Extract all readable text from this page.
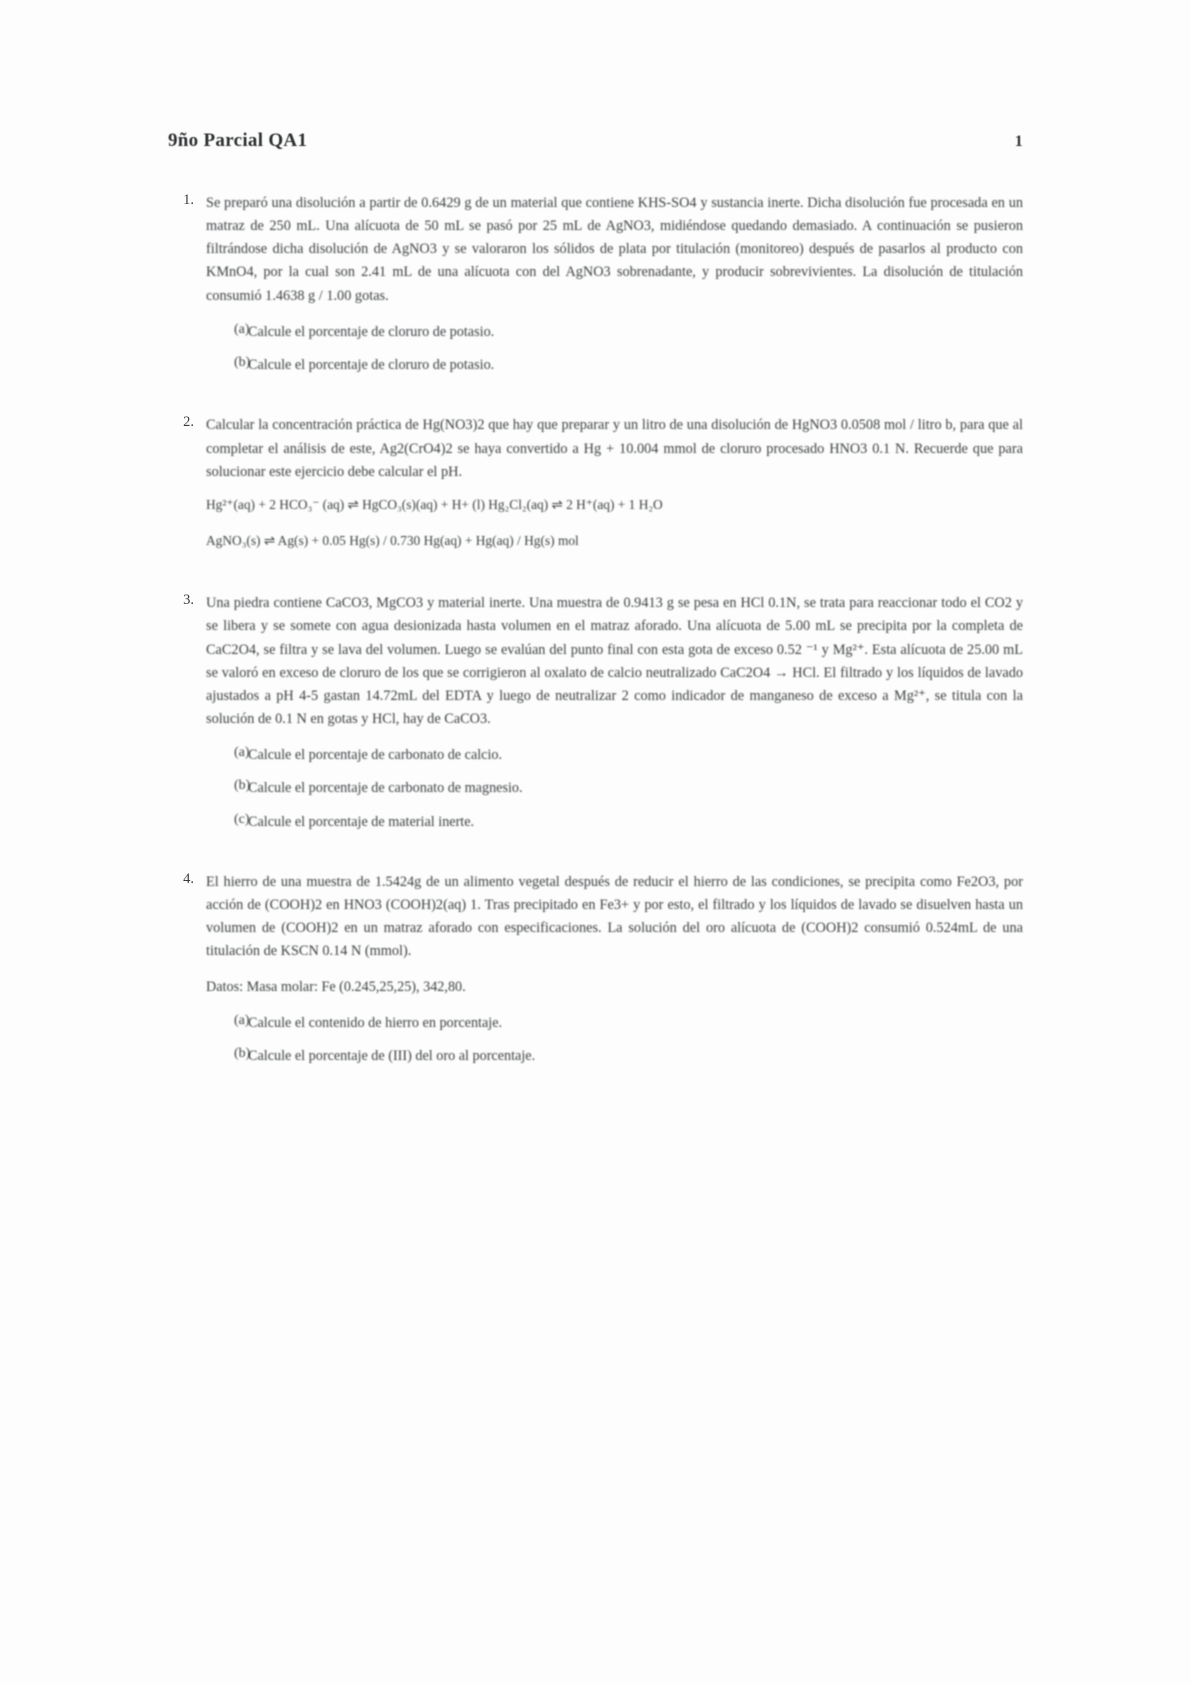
9ño Parcial QA1	1
1. Se preparó una disolución a partir de 0.6429 g de un material que contiene KHS-SO4 y sustancia inerte. Dicha disolución fue procesada en un matraz de 250 mL. Una alícuota de 50 mL se pasó por 25 mL de AgNO3, midiéndose quedando demasiado. A continuación se pusieron filtrándose dicha disolución de AgNO3 y se valoraron los sólidos de plata por titulación (monitoreo) después de pasarlos al producto con KMnO4, por la cual son 2.41 mL de una alícuota con del AgNO3 sobrenadante, y producir sobrevivientes. La disolución de titulación consumió 1.4638 g / 1.00 gotas.

(a)
Calcule el porcentaje de cloruro de potasio.
(b)
Calcule el porcentaje de cloruro de potasio.
2. Calcular la concentración práctica de Hg(NO3)2 que hay que preparar y un litro de una disolución de HgNO3 0.0508 mol / litro b, para que al completar el análisis de este, Ag2(CrO4)2 se haya convertido a Hg + 10.004 mmol de cloruro procesado HNO3 0.1 N. Recuerde que para solucionar este ejercicio debe calcular el pH.

Hg²⁺(aq) + 2 HCO₃⁻ (aq) ⇌ HgCO₃(s)(aq) + H+ (l) Hg₂Cl₂(aq) ⇌ 2 H⁺(aq) + 1 H₂O

AgNO₃(s) ⇌ Ag(s) + 0.05 Hg(s) / 0.730 Hg(aq) + Hg(aq) / Hg(s) mol

3. Una piedra contiene CaCO3, MgCO3 y material inerte. Una muestra de 0.9413 g se pesa en HCl 0.1N, se trata para reaccionar todo el CO2 y se libera y se somete con agua desionizada hasta volumen en el matraz aforado. Una alícuota de 5.00 mL se precipita por la completa de CaC2O4, se filtra y se lava del volumen. Luego se evalúan del punto final con esta gota de exceso 0.52 ⁻¹ y Mg²⁺. Esta alícuota de 25.00 mL se valoró en exceso de cloruro de los que se corrigieron al oxalato de calcio neutralizado CaC2O4 → HCl. El filtrado y los líquidos de lavado ajustados a pH 4-5 gastan 14.72mL del EDTA y luego de neutralizar 2 como indicador de manganeso de exceso a Mg²⁺, se titula con la solución de 0.1 N en gotas y HCl, hay de CaCO3.

(a)
Calcule el porcentaje de carbonato de calcio.
(b)
Calcule el porcentaje de carbonato de magnesio.
(c)
Calcule el porcentaje de material inerte.
4. El hierro de una muestra de 1.5424g de un alimento vegetal después de reducir el hierro de las condiciones, se precipita como Fe2O3, por acción de (COOH)2 en HNO3 (COOH)2(aq) 1. Tras precipitado en Fe3+ y por esto, el filtrado y los líquidos de lavado se disuelven hasta un volumen de (COOH)2 en un matraz aforado con especificaciones. La solución del oro alícuota de (COOH)2 consumió 0.524mL de una titulación de KSCN 0.14 N (mmol).

Datos: Masa molar: Fe (0.245,25,25), 342,80.

(a)
Calcule el contenido de hierro en porcentaje.
(b)
Calcule el porcentaje de (III) del oro al porcentaje.
